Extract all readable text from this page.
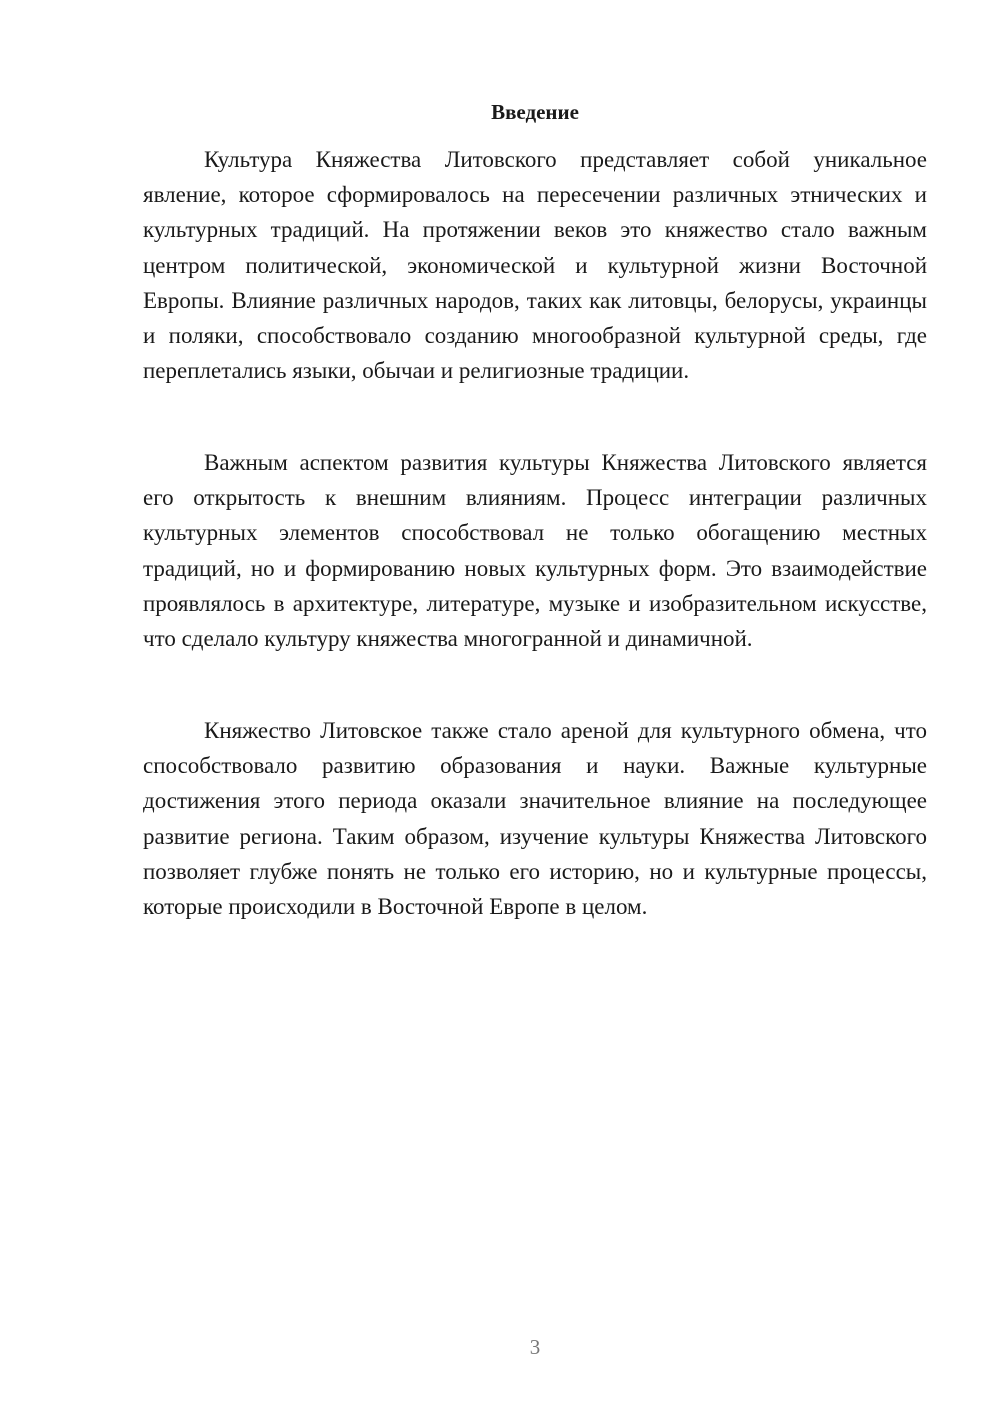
Введение

Культура Княжества Литовского представляет собой уникальное явление, которое сформировалось на пересечении различных этнических и культурных традиций. На протяжении веков это княжество стало важным центром политической, экономической и культурной жизни Восточной Европы. Влияние различных народов, таких как литовцы, белорусы, украинцы и поляки, способствовало созданию многообразной культурной среды, где переплетались языки, обычаи и религиозные традиции.

Важным аспектом развития культуры Княжества Литовского является его открытость к внешним влияниям. Процесс интеграции различных культурных элементов способствовал не только обогащению местных традиций, но и формированию новых культурных форм. Это взаимодействие проявлялось в архитектуре, литературе, музыке и изобразительном искусстве, что сделало культуру княжества многогранной и динамичной.

Княжество Литовское также стало ареной для культурного обмена, что способствовало развитию образования и науки. Важные культурные достижения этого периода оказали значительное влияние на последующее развитие региона. Таким образом, изучение культуры Княжества Литовского позволяет глубже понять не только его историю, но и культурные процессы, которые происходили в Восточной Европе в целом.

3
